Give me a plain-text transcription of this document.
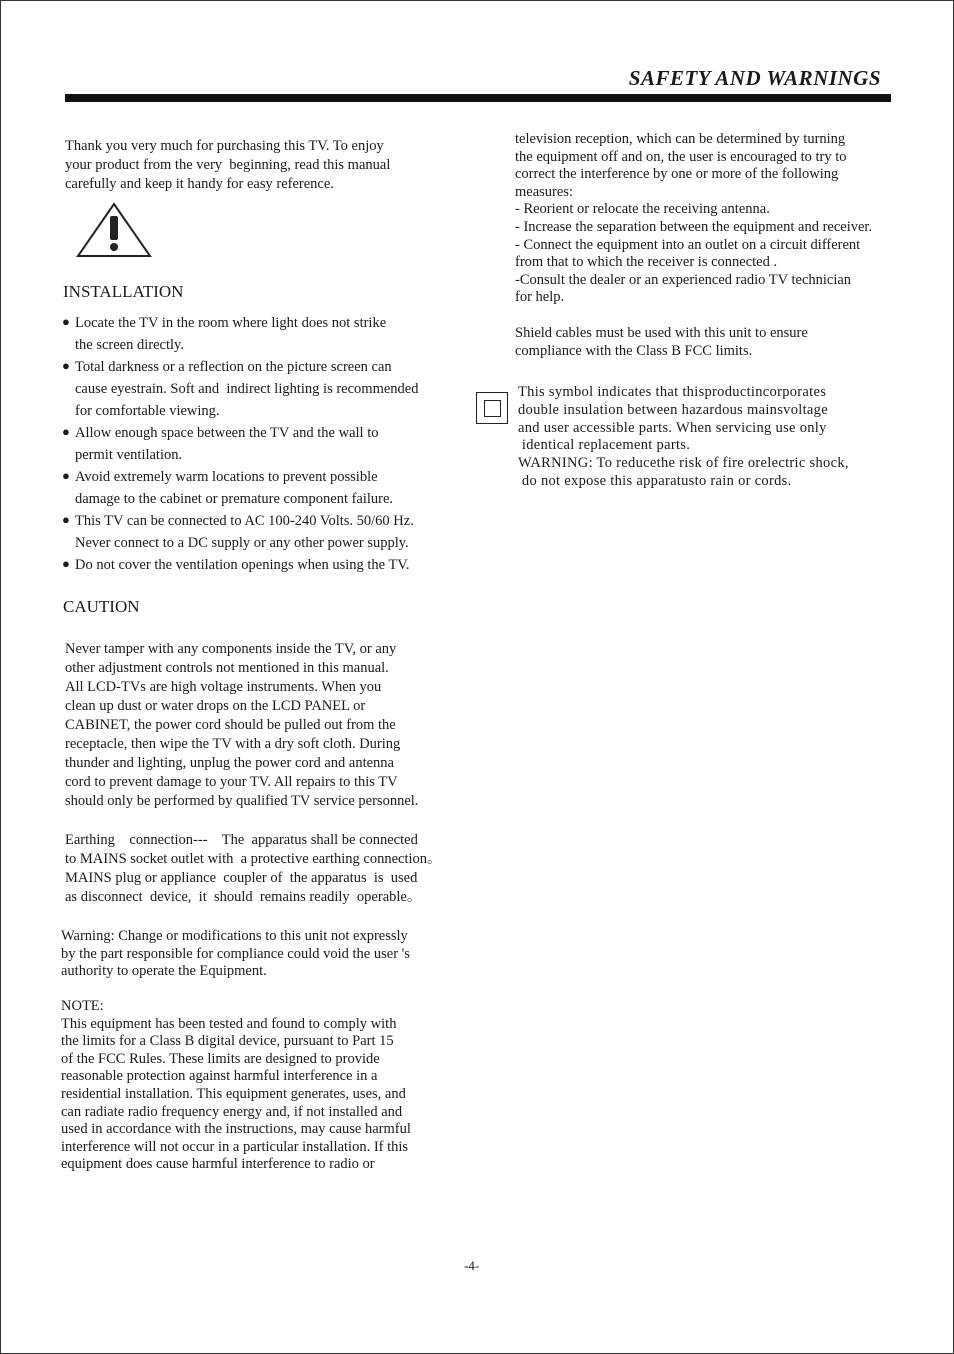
SAFETY AND WARNINGS
Thank you very much for purchasing this TV. To enjoy
your product from the very  beginning, read this manual
carefully and keep it handy for easy reference.
INSTALLATION
● Locate the TV in the room where light does not strike
the screen directly.
● Total darkness or a reflection on the picture screen can
cause eyestrain. Soft and  indirect lighting is recommended
for comfortable viewing.
● Allow enough space between the TV and the wall to
permit ventilation.
● Avoid extremely warm locations to prevent possible
damage to the cabinet or premature component failure.
● This TV can be connected to AC 100-240 Volts. 50/60 Hz.
Never connect to a DC supply or any other power supply.
● Do not cover the ventilation openings when using the TV.
CAUTION
Never tamper with any components inside the TV, or any
other adjustment controls not mentioned in this manual.
All LCD-TVs are high voltage instruments. When you
clean up dust or water drops on the LCD PANEL or
CABINET, the power cord should be pulled out from the
receptacle, then wipe the TV with a dry soft cloth. During
thunder and lighting, unplug the power cord and antenna
cord to prevent damage to your TV. All repairs to this TV
should only be performed by qualified TV service personnel.
Earthing    connection---    The  apparatus shall be connected
to MAINS socket outlet with  a protective earthing connection。
MAINS plug or appliance  coupler of  the apparatus  is  used
as disconnect  device,  it  should  remains readily  operable。
Warning: Change or modifications to this unit not expressly
by the part responsible for compliance could void the user 's
authority to operate the Equipment.
NOTE:
This equipment has been tested and found to comply with
the limits for a Class B digital device, pursuant to Part 15
of the FCC Rules. These limits are designed to provide
reasonable protection against harmful interference in a
residential installation. This equipment generates, uses, and
can radiate radio frequency energy and, if not installed and
used in accordance with the instructions, may cause harmful
interference will not occur in a particular installation. If this
equipment does cause harmful interference to radio or
television reception, which can be determined by turning
the equipment off and on, the user is encouraged to try to
correct the interference by one or more of the following
measures:
- Reorient or relocate the receiving antenna.
- Increase the separation between the equipment and receiver.
- Connect the equipment into an outlet on a circuit different
from that to which the receiver is connected .
-Consult the dealer or an experienced radio TV technician
for help.
Shield cables must be used with this unit to ensure
compliance with the Class B FCC limits.
This symbol indicates that thisproductincorporates
double insulation between hazardous mainsvoltage
and user accessible parts. When servicing use only
identical replacement parts.
WARNING: To reducethe risk of fire orelectric shock,
do not expose this apparatusto rain or cords.
-4-
